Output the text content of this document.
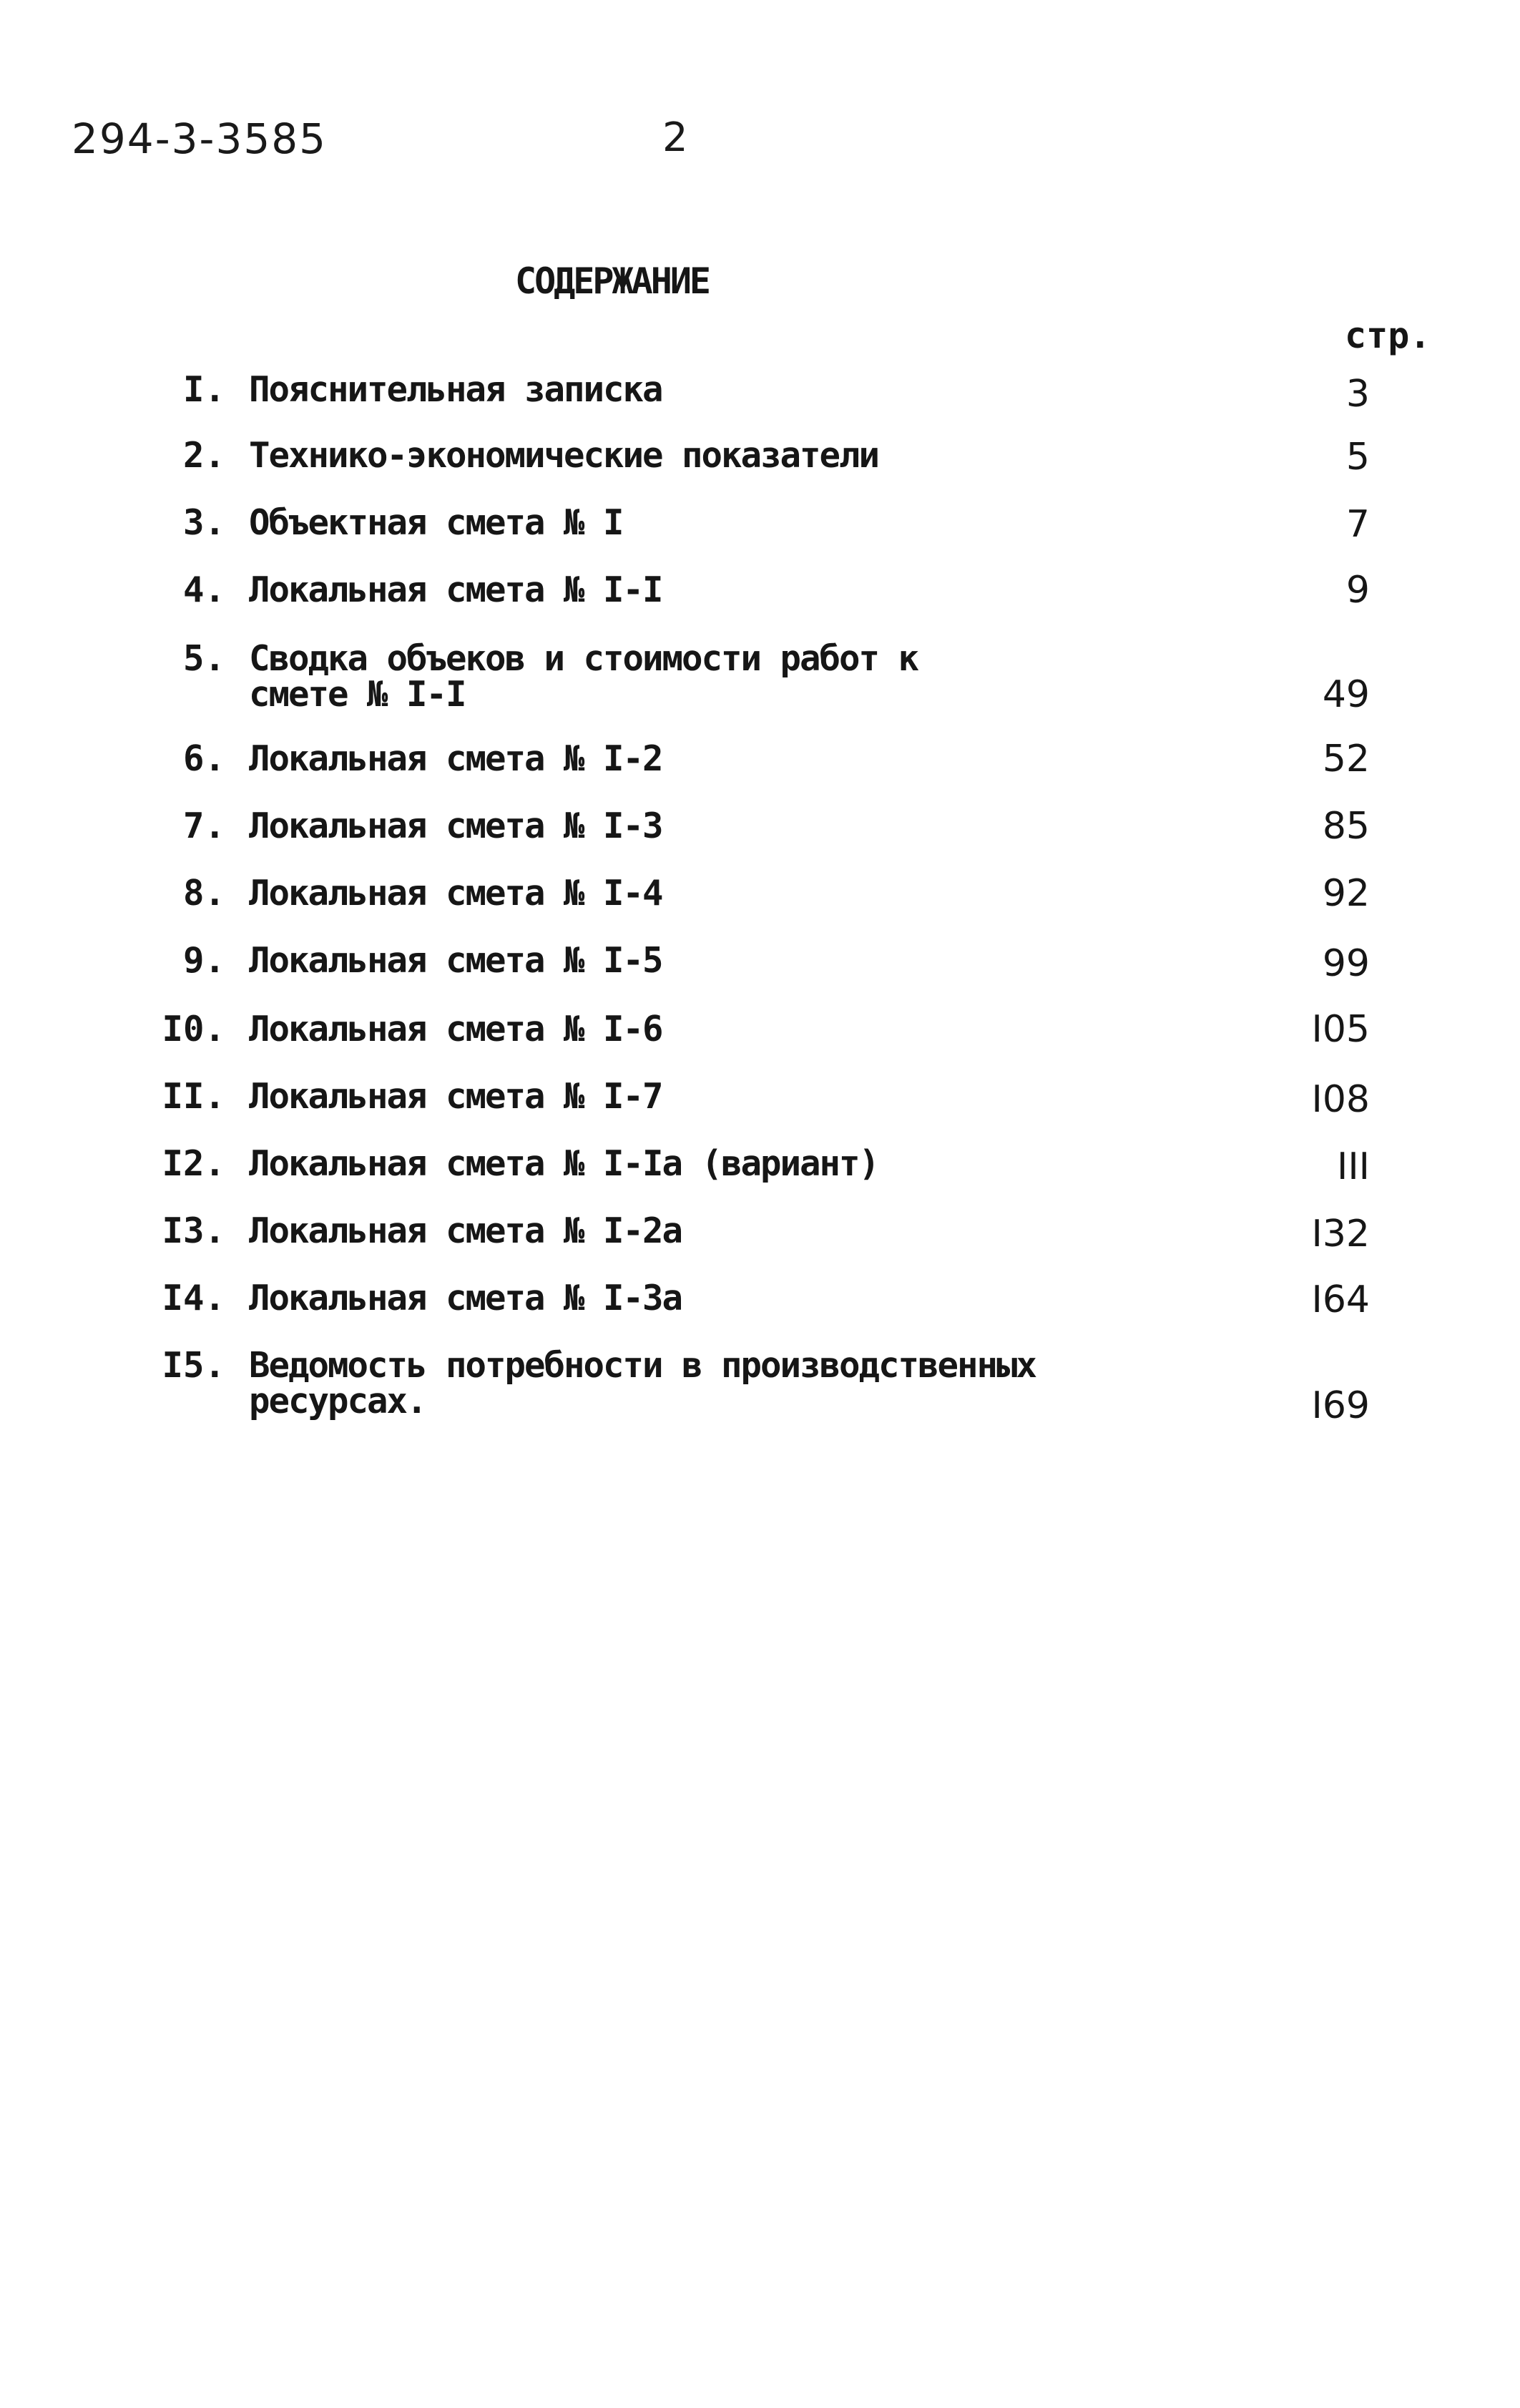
294-3-3585	2
СОДЕРЖАНИЕ
стр.
I. Пояснительная записка	3
2. Технико-экономические показатели	5
3. Объектная смета № I	7
4. Локальная смета № I-I	9
5. Сводка объеков и стоимости работ к
смете № I-I	49
6. Локальная смета № I-2	52
7. Локальная смета № I-3	85
8. Локальная смета № I-4	92
9. Локальная смета № I-5	99
I0. Локальная смета № I-6	I05
II. Локальная смета № I-7	I08
I2. Локальная смета № I-Iа (вариант)	III
I3. Локальная смета № I-2а	I32
I4. Локальная смета № I-3а	I64
I5. Ведомость потребности в производственных
ресурсах.	I69
